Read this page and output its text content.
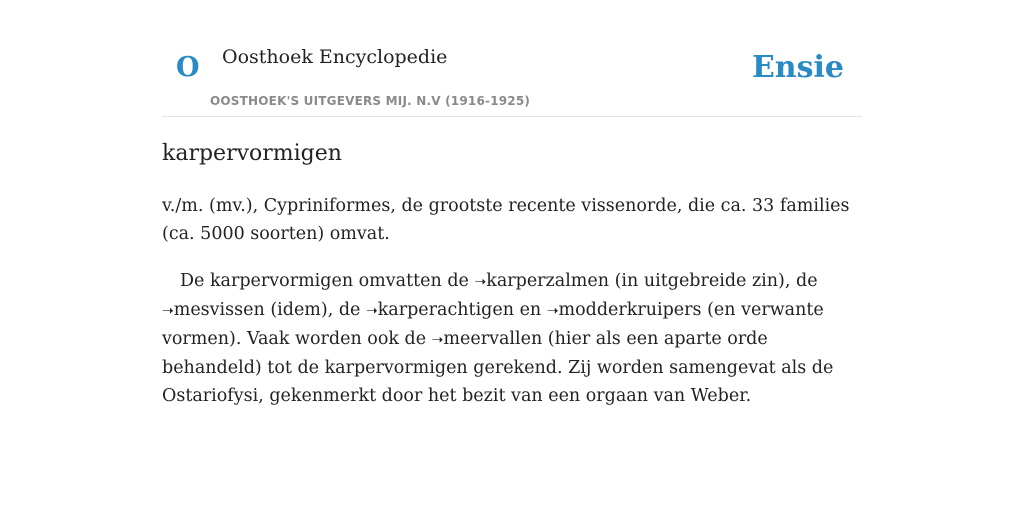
O Oosthoek Encyclopedie
OOSTHOEK'S UITGEVERS MIJ. N.V (1916-1925)
Ensie
karpervormigen

v./m. (mv.), Cypriniformes, de grootste recente vissenorde, die ca. 33 families (ca. 5000 soorten) omvat.

De karpervormigen omvatten de ➝karperzalmen (in uitgebreide zin), de ➝mesvissen (idem), de ➝karperachtigen en ➝modderkruipers (en verwante vormen). Vaak worden ook de ➝meervallen (hier als een aparte orde behandeld) tot de karpervormigen gerekend. Zij worden samengevat als de Ostariofysi, gekenmerkt door het bezit van een orgaan van Weber.
